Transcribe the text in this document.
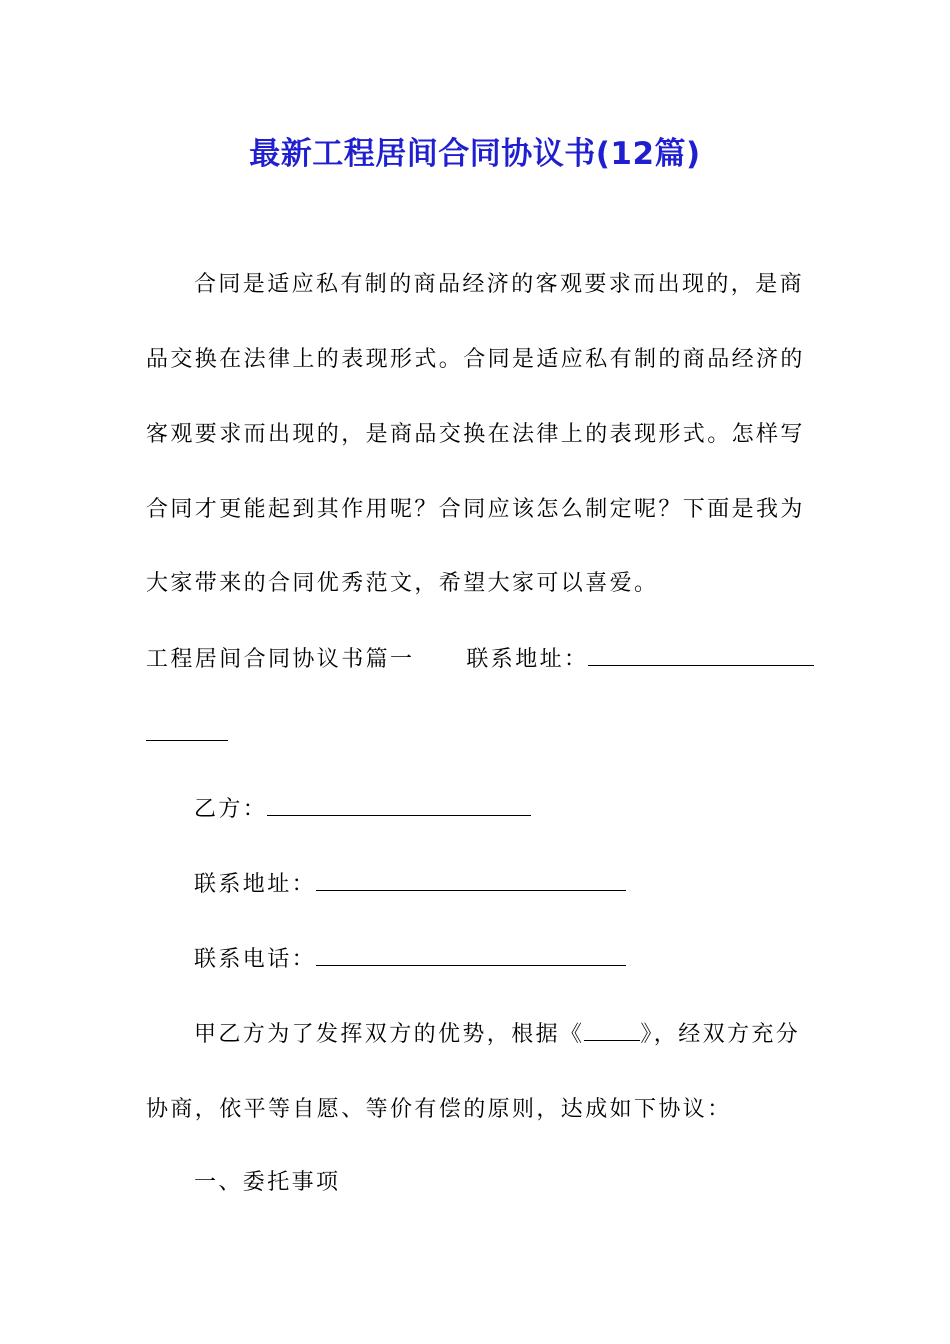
最新工程居间合同协议书(12篇)
合同是适应私有制的商品经济的客观要求而出现的，是商
品交换在法律上的表现形式。合同是适应私有制的商品经济的
客观要求而出现的，是商品交换在法律上的表现形式。怎样写
合同才更能起到其作用呢？合同应该怎么制定呢？下面是我为
大家带来的合同优秀范文，希望大家可以喜爱。
工程居间合同协议书篇一 联系地址：
乙方：
联系地址：
联系电话：
甲乙方为了发挥双方的优势，根据《	》，经双方充分
协商，依平等自愿、等价有偿的原则，达成如下协议：
一、委托事项
